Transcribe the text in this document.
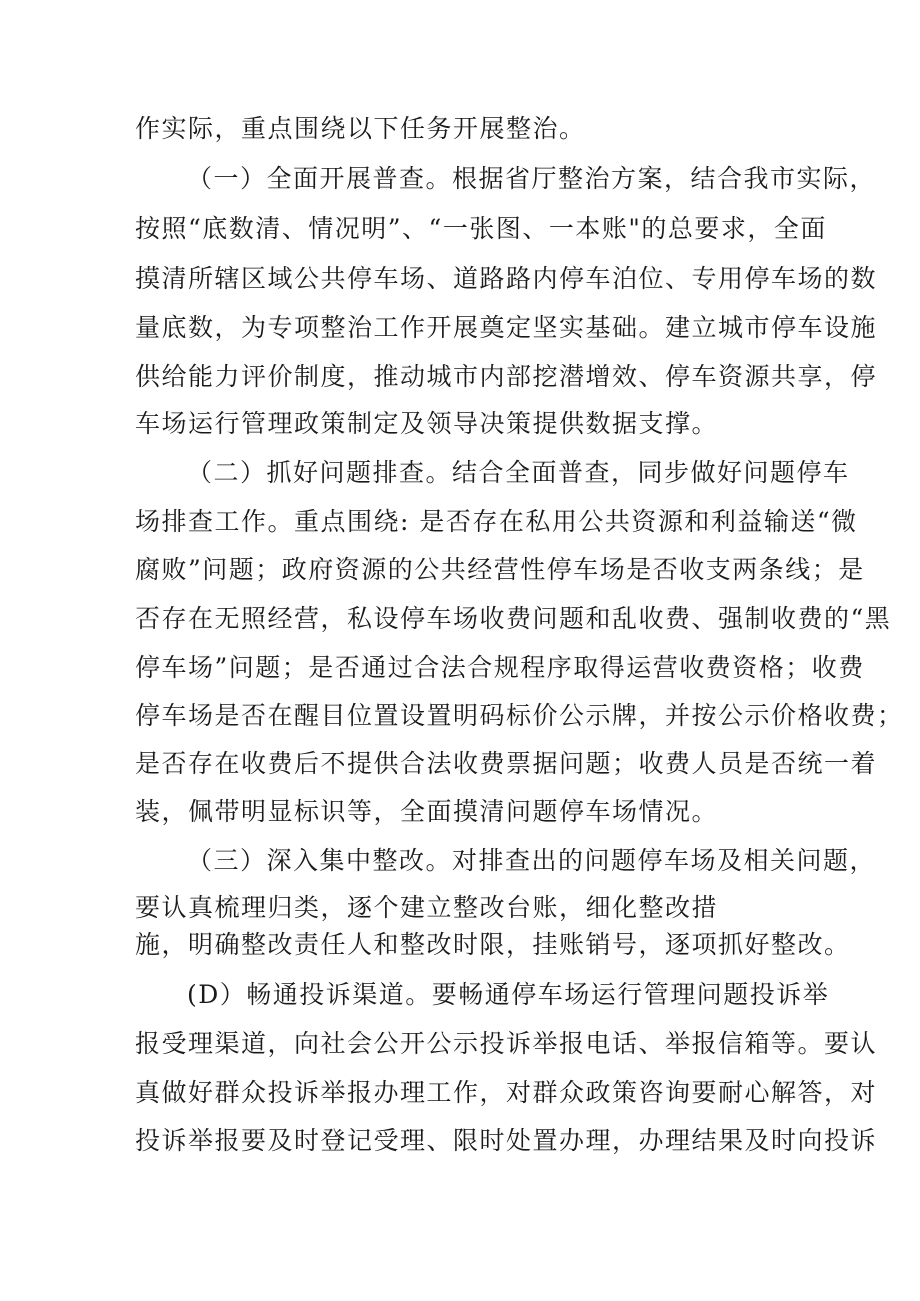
作实际，重点围绕以下任务开展整治。
（一）全面开展普查。根据省厅整治方案，结合我市实际，
按照“底数清、情况明”、“一张图、一本账"的总要求，全面
摸清所辖区域公共停车场、道路路内停车泊位、专用停车场的数
量底数，为专项整治工作开展奠定坚实基础。建立城市停车设施
供给能力评价制度，推动城市内部挖潜增效、停车资源共享，停
车场运行管理政策制定及领导决策提供数据支撑。
（二）抓好问题排查。结合全面普查，同步做好问题停车
场排查工作。重点围绕: 是否存在私用公共资源和利益输送“微
腐败”问题；政府资源的公共经营性停车场是否收支两条线；是
否存在无照经营，私设停车场收费问题和乱收费、强制收费的“黑
停车场”问题；是否通过合法合规程序取得运营收费资格；收费
停车场是否在醒目位置设置明码标价公示牌，并按公示价格收费；
是否存在收费后不提供合法收费票据问题；收费人员是否统一着
装，佩带明显标识等，全面摸清问题停车场情况。
（三）深入集中整改。对排查出的问题停车场及相关问题，
要认真梳理归类，逐个建立整改台账，细化整改措
施，明确整改责任人和整改时限，挂账销号，逐项抓好整改。
(D）畅通投诉渠道。要畅通停车场运行管理问题投诉举
报受理渠道，向社会公开公示投诉举报电话、举报信箱等。要认
真做好群众投诉举报办理工作，对群众政策咨询要耐心解答，对
投诉举报要及时登记受理、限时处置办理，办理结果及时向投诉
